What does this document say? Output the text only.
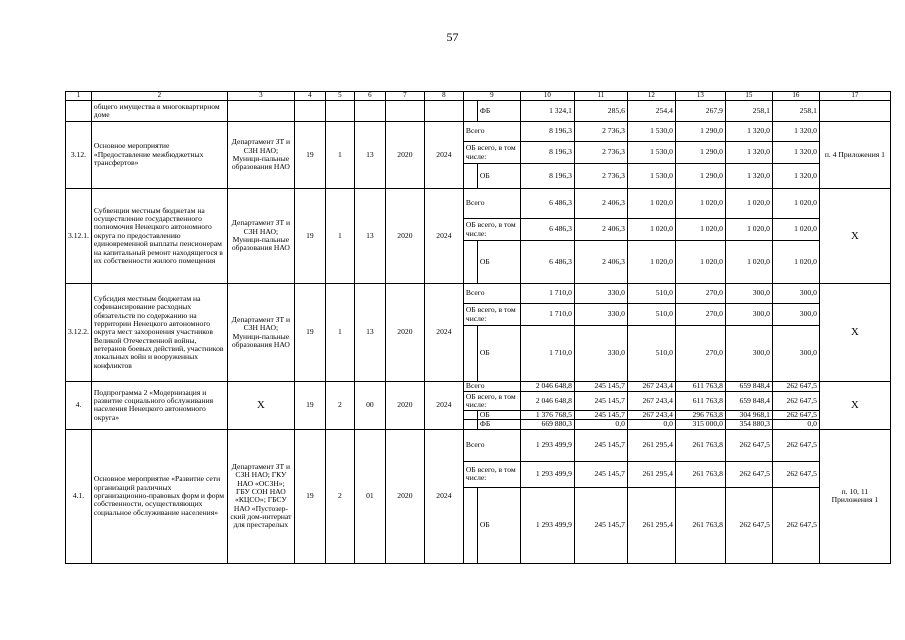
57
1	2	3	4	5	6	7	8	9		10	11	12	13	15	16	17
	общего имущества в многоквартирном доме								ФБ	1 324,1	285,6	254,4	267,9	258,1	258,1	
3.12.	Основное мероприятие «Предоставление межбюджетных трансфертов»	Департамент ЗТ и СЗН НАО; Муници-пальные образования НАО	19	1	13	2020	2024	Всего		8 196,3	2 736,3	1 530,0	1 290,0	1 320,0	1 320,0	п. 4 Приложения 1
								ОБ всего, в том числе:		8 196,3	2 736,3	1 530,0	1 290,0	1 320,0	1 320,0	
									ОБ	8 196,3	2 736,3	1 530,0	1 290,0	1 320,0	1 320,0	
3.12.1.	Субвенции местным бюджетам на осуществление государственного полномочия Ненецкого автономного округа по предоставлению единовременной выплаты пенсионерам на капитальный ремонт находящегося в их собственности жилого помещения	Департамент ЗТ и СЗН НАО; Муници-пальные образования НАО	19	1	13	2020	2024	Всего		6 486,3	2 406,3	1 020,0	1 020,0	1 020,0	1 020,0	X
								ОБ всего, в том числе:		6 486,3	2 406,3	1 020,0	1 020,0	1 020,0	1 020,0	
									ОБ	6 486,3	2 406,3	1 020,0	1 020,0	1 020,0	1 020,0	
3.12.2.	Субсидия местным бюджетам на софинансирование расходных обязательств по содержанию на территории Ненецкого автономного округа мест захоронения участников Великой Отечественной войны, ветеранов боевых действий, участников локальных войн и вооруженных конфликтов	Департамент ЗТ и СЗН НАО; Муници-пальные образования НАО	19	1	13	2020	2024	Всего		1 710,0	330,0	510,0	270,0	300,0	300,0	X
								ОБ всего, в том числе:		1 710,0	330,0	510,0	270,0	300,0	300,0	
									ОБ	1 710,0	330,0	510,0	270,0	300,0	300,0	
4.	Подпрограмма 2 «Модернизация и развитие социального обслуживания населения Ненецкого автономного округа»	X	19	2	00	2020	2024	Всего		2 046 648,8	245 145,7	267 243,4	611 763,8	659 848,4	262 647,5	X
								ОБ всего, в том числе:		2 046 648,8	245 145,7	267 243,4	611 763,8	659 848,4	262 647,5	
									ОБ	1 376 768,5	245 145,7	267 243,4	296 763,8	304 968,1	262 647,5	
									ФБ	669 880,3	0,0	0,0	315 000,0	354 880,3	0,0	
4.1.	Основное мероприятие «Развитие сети организаций различных организационно-правовых форм и форм собственности, осуществляющих социальное обслуживание населения»	Департамент ЗТ и СЗН НАО; ГКУ НАО «ОСЗН»; ГБУ СОН НАО «КЦСО»; ГБСУ НАО «Пустозер-ский дом-интернат для престарелых	19	2	01	2020	2024	Всего		1 293 499,9	245 145,7	261 295,4	261 763,8	262 647,5	262 647,5	п. 10, 11 Приложения 1
								ОБ всего, в том числе:		1 293 499,9	245 145,7	261 295,4	261 763,8	262 647,5	262 647,5	
									ОБ	1 293 499,9	245 145,7	261 295,4	261 763,8	262 647,5	262 647,5	
